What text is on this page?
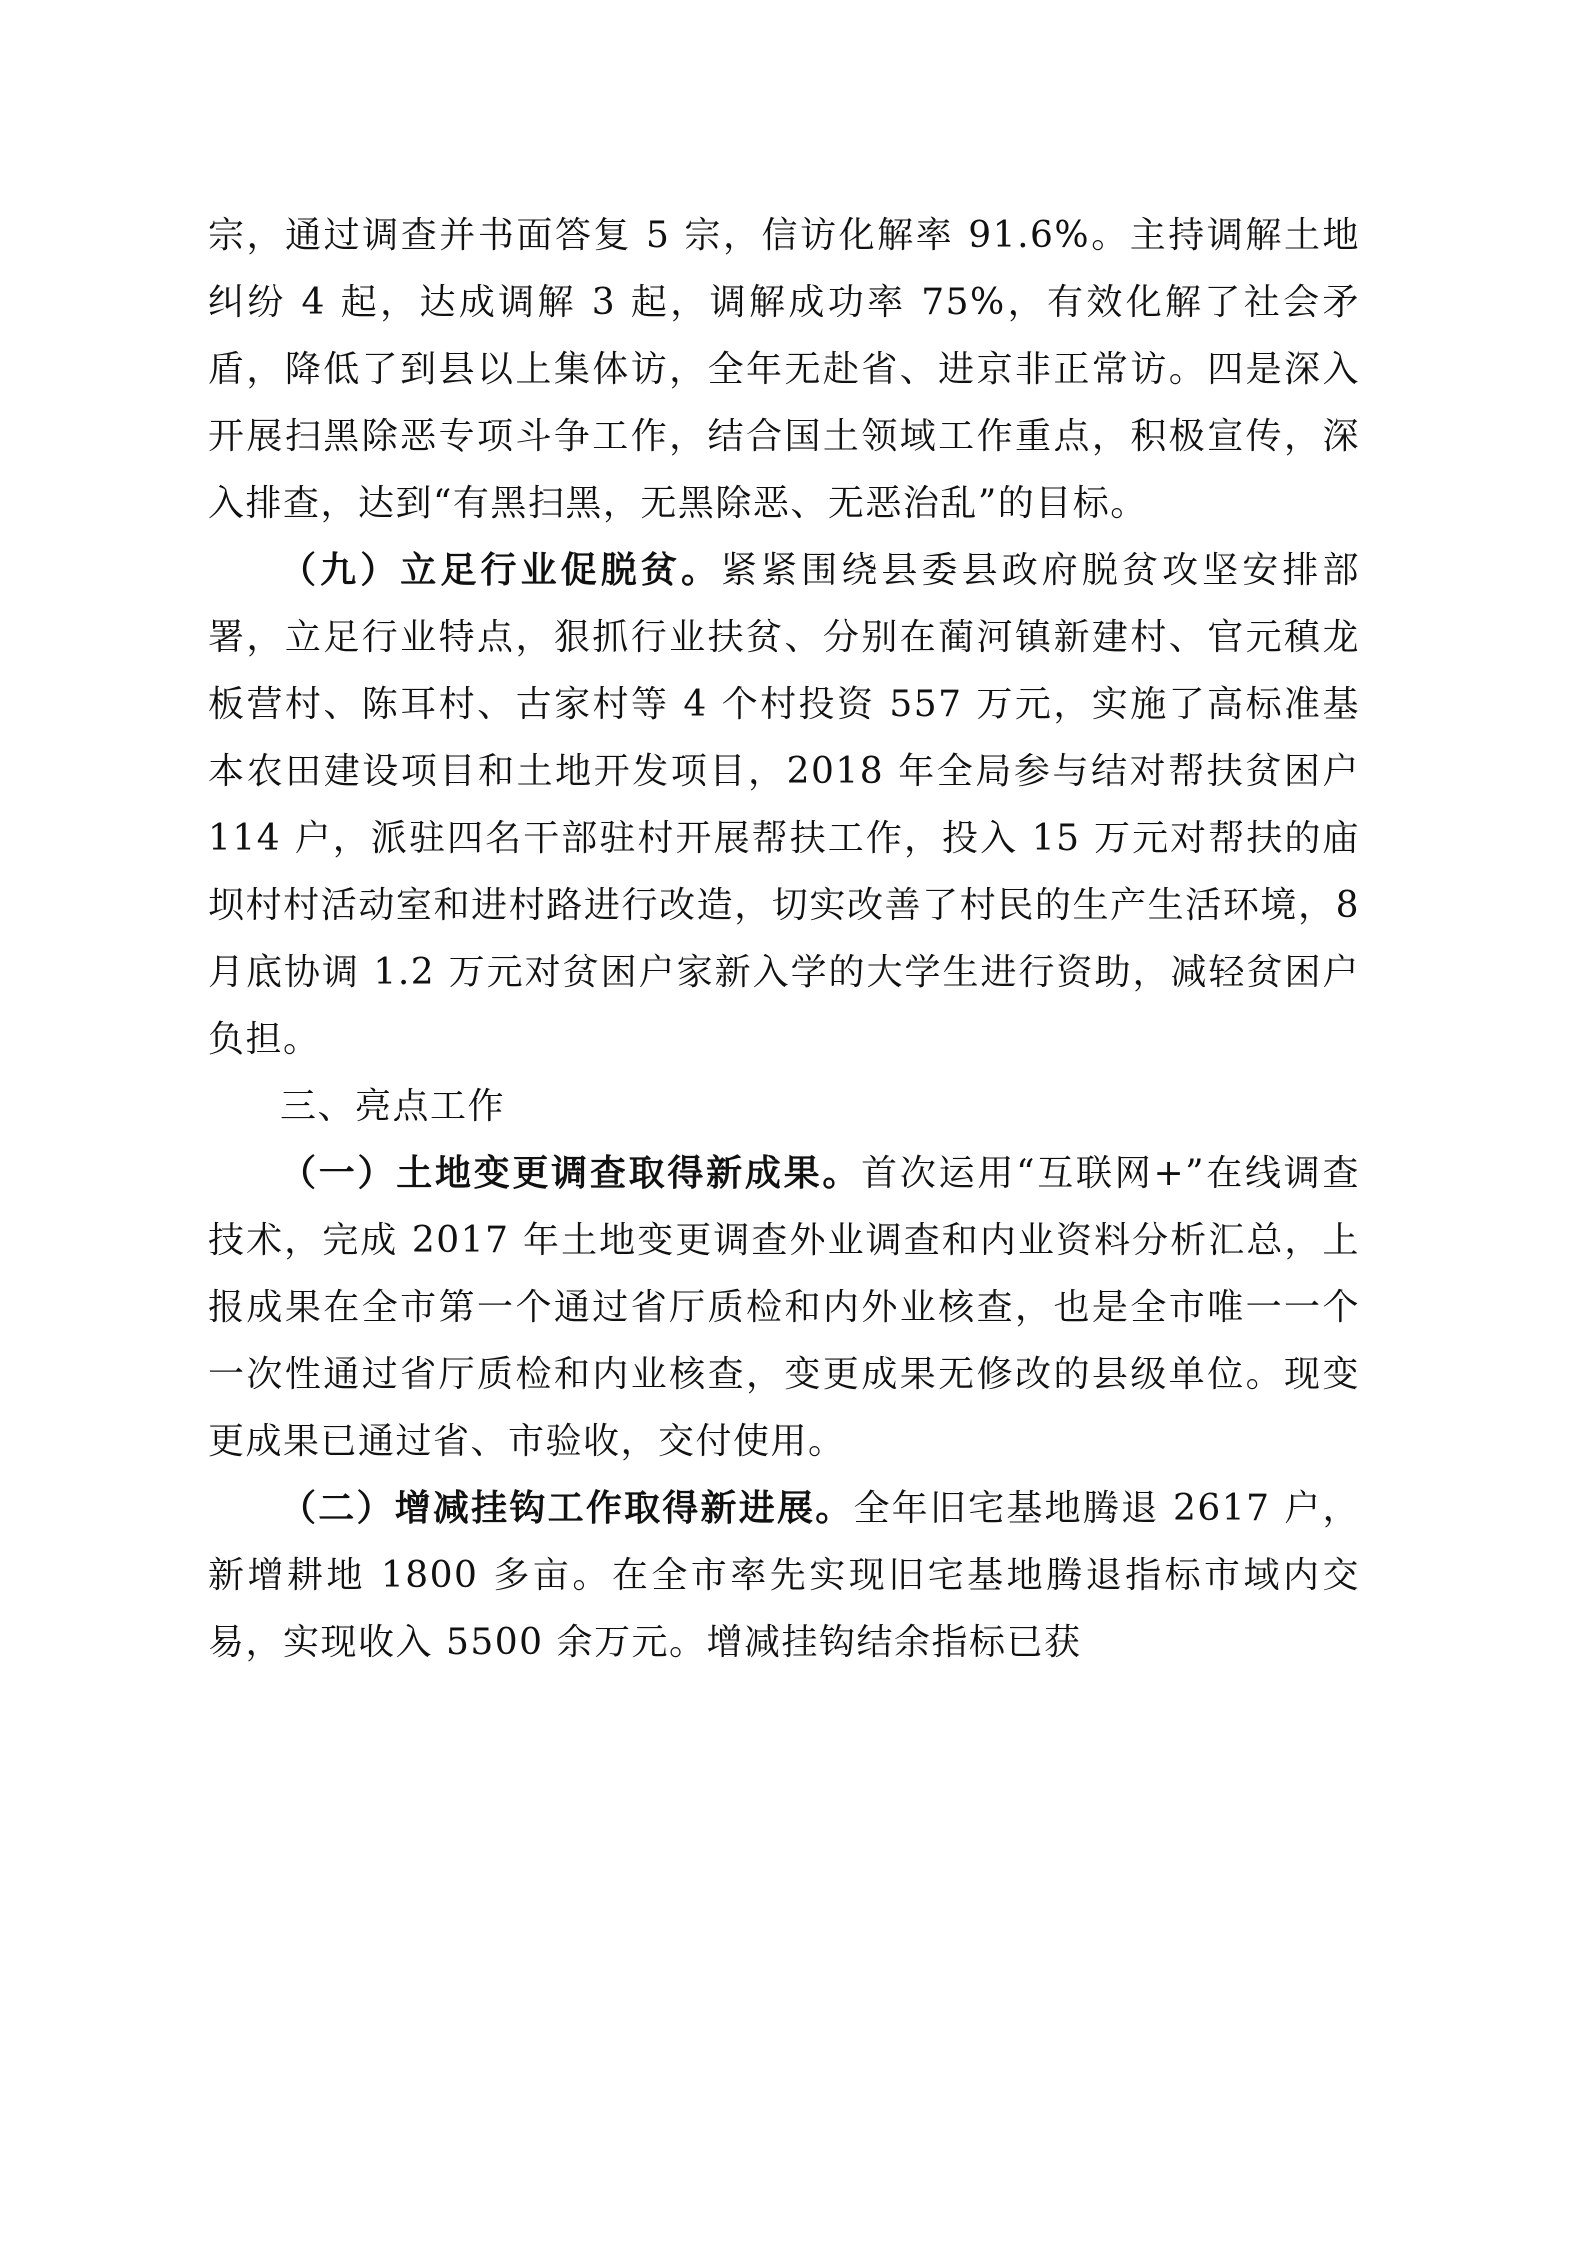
宗，通过调查并书面答复 5 宗，信访化解率 91.6%。主持调解土地纠纷 4 起，达成调解 3 起，调解成功率 75%，有效化解了社会矛盾，降低了到县以上集体访，全年无赴省、进京非正常访。四是深入开展扫黑除恶专项斗争工作，结合国土领域工作重点，积极宣传，深入排查，达到“有黑扫黑，无黑除恶、无恶治乱”的目标。

（九）立足行业促脱贫。紧紧围绕县委县政府脱贫攻坚安排部署，立足行业特点，狠抓行业扶贫、分别在蔺河镇新建村、官元稹龙板营村、陈耳村、古家村等 4 个村投资 557 万元，实施了高标准基本农田建设项目和土地开发项目，2018 年全局参与结对帮扶贫困户 114 户，派驻四名干部驻村开展帮扶工作，投入 15 万元对帮扶的庙坝村村活动室和进村路进行改造，切实改善了村民的生产生活环境，8 月底协调 1.2 万元对贫困户家新入学的大学生进行资助，减轻贫困户负担。

三、亮点工作

（一）土地变更调查取得新成果。首次运用“互联网+”在线调查技术，完成 2017 年土地变更调查外业调查和内业资料分析汇总，上报成果在全市第一个通过省厅质检和内外业核查，也是全市唯一一个一次性通过省厅质检和内业核查，变更成果无修改的县级单位。现变更成果已通过省、市验收，交付使用。

（二）增减挂钩工作取得新进展。全年旧宅基地腾退 2617 户，新增耕地 1800 多亩。在全市率先实现旧宅基地腾退指标市域内交易，实现收入 5500 余万元。增减挂钩结余指标已获
